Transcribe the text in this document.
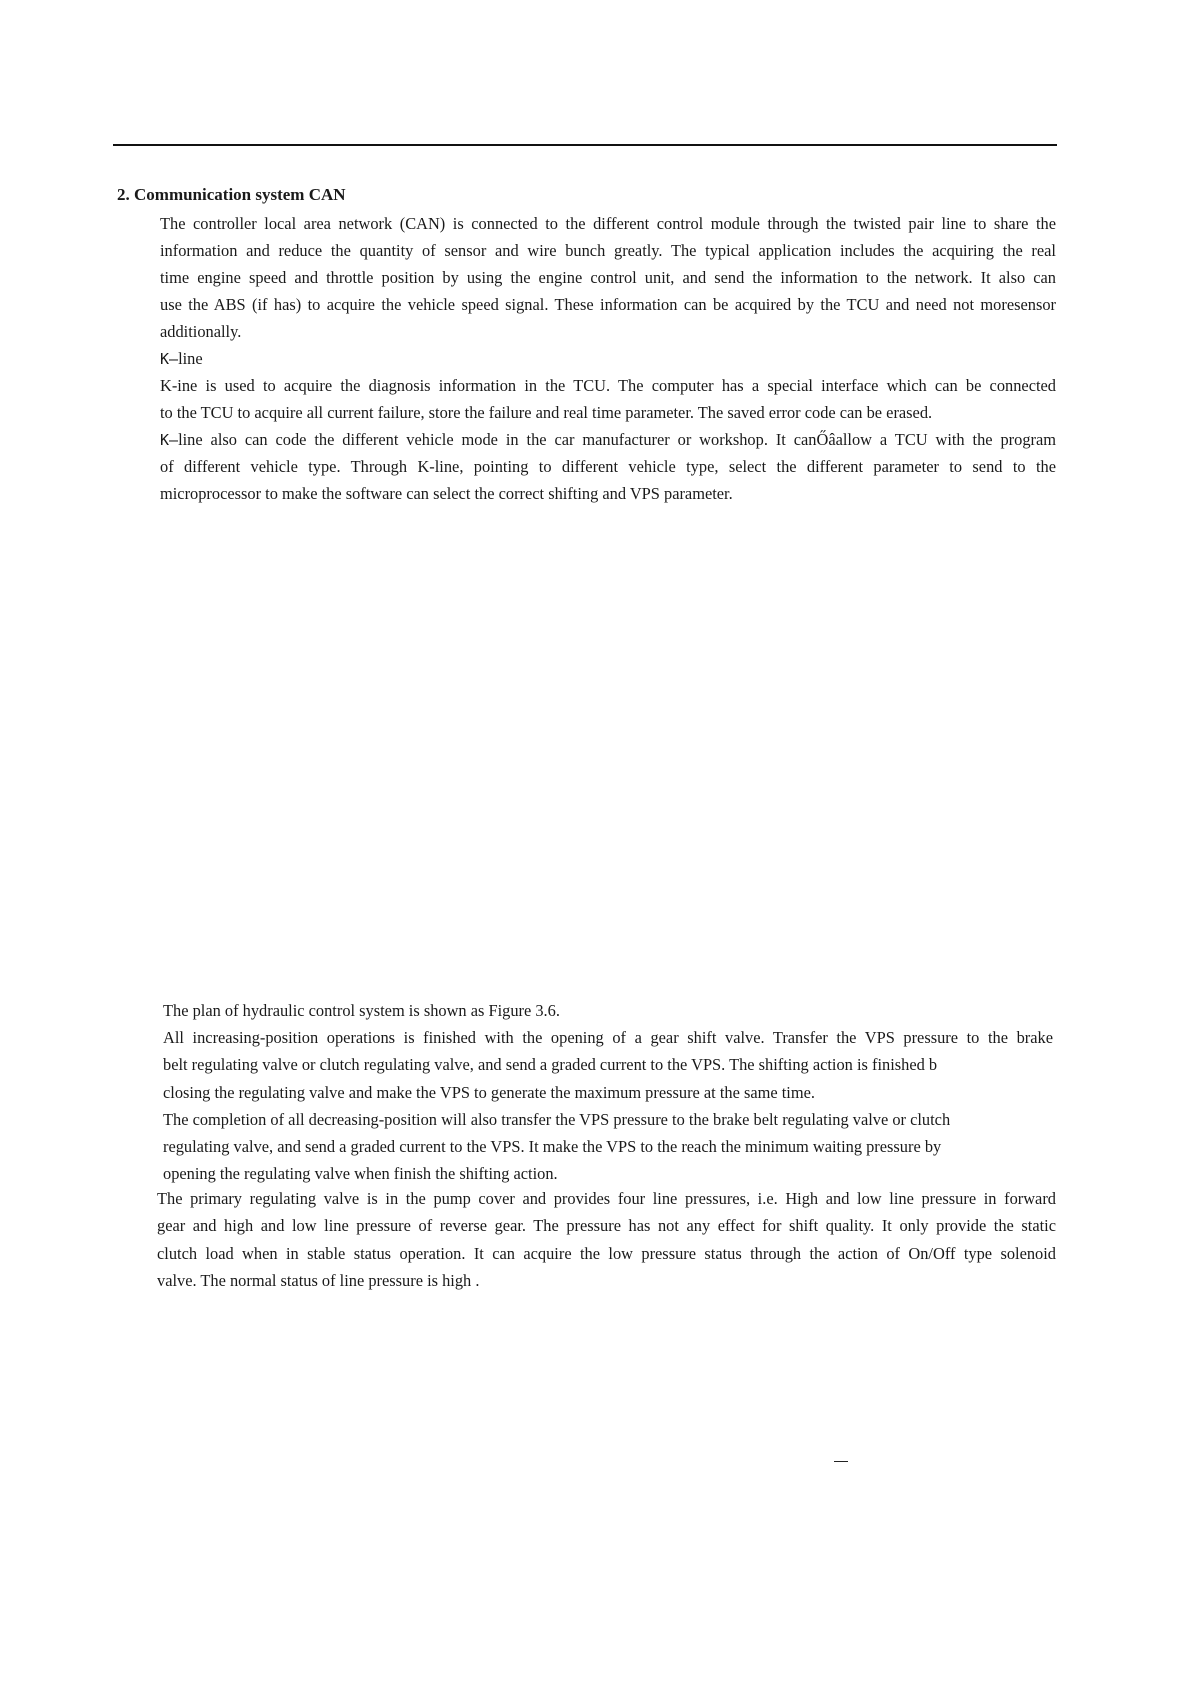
2. Communication system CAN
The controller local area network (CAN) is connected to the different control module through the twisted pair line to share the
information and reduce the quantity of sensor and wire bunch greatly. The typical application includes the acquiring the real
time engine speed and throttle position by using the engine control unit, and send the information to the network. It also can
use the ABS (if has) to acquire the vehicle speed signal. These information can be acquired by the TCU and need not moresensor
additionally.
K—line
K-ine is used to acquire the diagnosis information in the TCU. The computer has a special interface which can be connected
to the TCU to acquire all current failure, store the failure and real time parameter. The saved error code can be erased.
K—line also can code the different vehicle mode in the car manufacturer or workshop. It canŐâallow a TCU with the program
of different vehicle type. Through K-line, pointing to different vehicle type, select the different parameter to send to the
microprocessor to make the software can select the correct shifting and VPS parameter.
The plan of hydraulic control system is shown as Figure 3.6.
All increasing-position operations is finished with the opening of a gear shift valve. Transfer the VPS pressure to the brake
belt regulating valve or clutch regulating valve, and send a graded current to the VPS. The shifting action is finished b
closing the regulating valve and make the VPS to generate the maximum pressure at the same time.
The completion of all decreasing-position will also transfer the VPS pressure to the brake belt regulating valve or clutch
regulating valve, and send a graded current to the VPS. It make the VPS to the reach the minimum waiting pressure by
opening the regulating valve when finish the shifting action.
The primary regulating valve is in the pump cover and provides four line pressures, i.e. High and low line pressure in forward
gear and high and low line pressure of reverse gear. The pressure has not any effect for shift quality. It only provide the static
clutch load when in stable status operation. It can acquire the low pressure status through the action of On/Off type solenoid
valve. The normal status of line pressure is high .
